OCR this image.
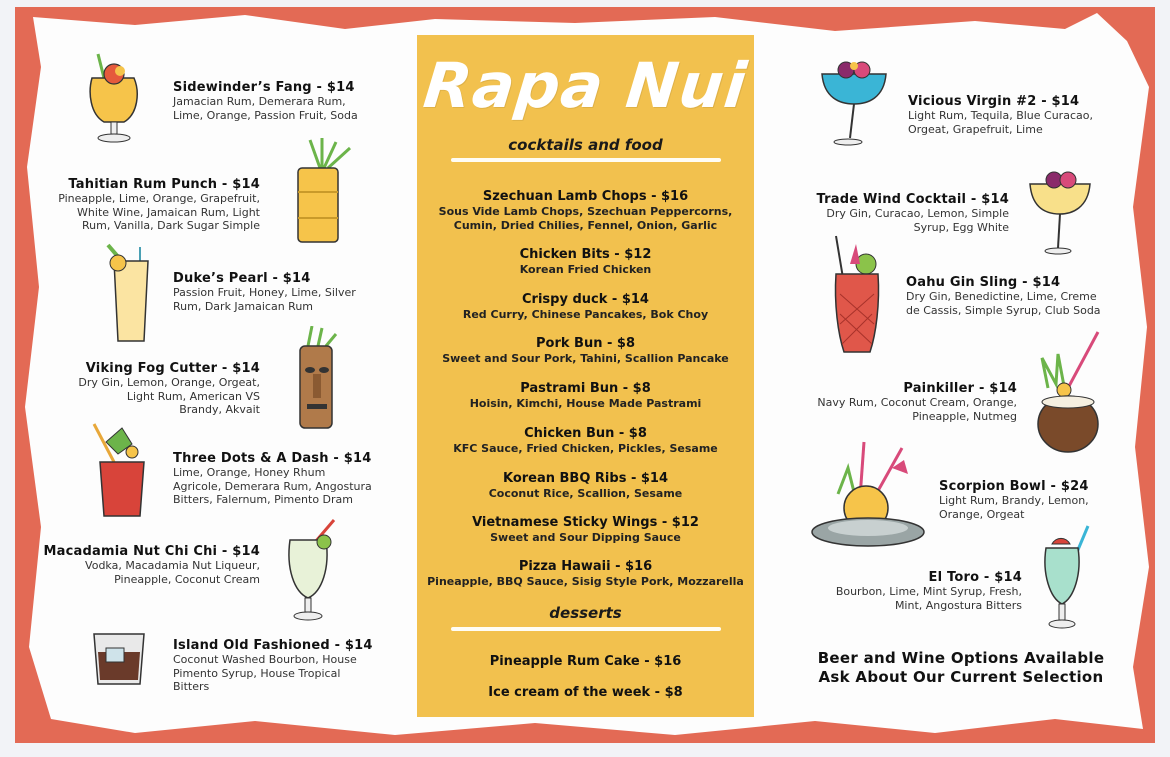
Sidewinder’s Fang - $14
Jamacian Rum, Demerara Rum,
Lime, Orange, Passion Fruit, Soda
Tahitian Rum Punch - $14
Pineapple, Lime, Orange, Grapefruit,
White Wine, Jamaican Rum, Light
Rum, Vanilla, Dark Sugar Simple
Duke’s Pearl - $14
Passion Fruit, Honey, Lime, Silver
Rum, Dark Jamaican Rum
Viking Fog Cutter - $14
Dry Gin, Lemon, Orange, Orgeat,
Light Rum, American VS
Brandy, Akvait
Three Dots & A Dash - $14
Lime, Orange, Honey Rhum
Agricole, Demerara Rum, Angostura
Bitters, Falernum, Pimento Dram
Macadamia Nut Chi Chi - $14
Vodka, Macadamia Nut Liqueur,
Pineapple, Coconut Cream
Island Old Fashioned - $14
Coconut Washed Bourbon, House
Pimento Syrup, House Tropical
Bitters
Rapa Nui
cocktails and food
Szechuan Lamb Chops - $16
Sous Vide Lamb Chops, Szechuan Peppercorns,
Cumin, Dried Chilies, Fennel, Onion, Garlic
Chicken Bits - $12
Korean Fried Chicken
Crispy duck - $14
Red Curry, Chinese Pancakes, Bok Choy
Pork Bun - $8
Sweet and Sour Pork, Tahini, Scallion Pancake
Pastrami Bun - $8
Hoisin, Kimchi, House Made Pastrami
Chicken Bun - $8
KFC Sauce, Fried Chicken, Pickles, Sesame
Korean BBQ Ribs - $14
Coconut Rice, Scallion, Sesame
Vietnamese Sticky Wings - $12
Sweet and Sour Dipping Sauce
Pizza Hawaii - $16
Pineapple, BBQ Sauce, Sisig Style Pork, Mozzarella
desserts
Pineapple Rum Cake - $16
Ice cream of the week - $8
Vicious Virgin #2 - $14
Light Rum, Tequila, Blue Curacao,
Orgeat, Grapefruit, Lime
Trade Wind Cocktail - $14
Dry Gin, Curacao, Lemon, Simple
Syrup, Egg White
Oahu Gin Sling - $14
Dry Gin, Benedictine, Lime, Creme
de Cassis, Simple Syrup, Club Soda
Painkiller - $14
Navy Rum, Coconut Cream, Orange,
Pineapple, Nutmeg
Scorpion Bowl - $24
Light Rum, Brandy, Lemon,
Orange, Orgeat
El Toro - $14
Bourbon, Lime, Mint Syrup, Fresh,
Mint, Angostura Bitters
Beer and Wine Options Available
Ask About Our Current Selection
